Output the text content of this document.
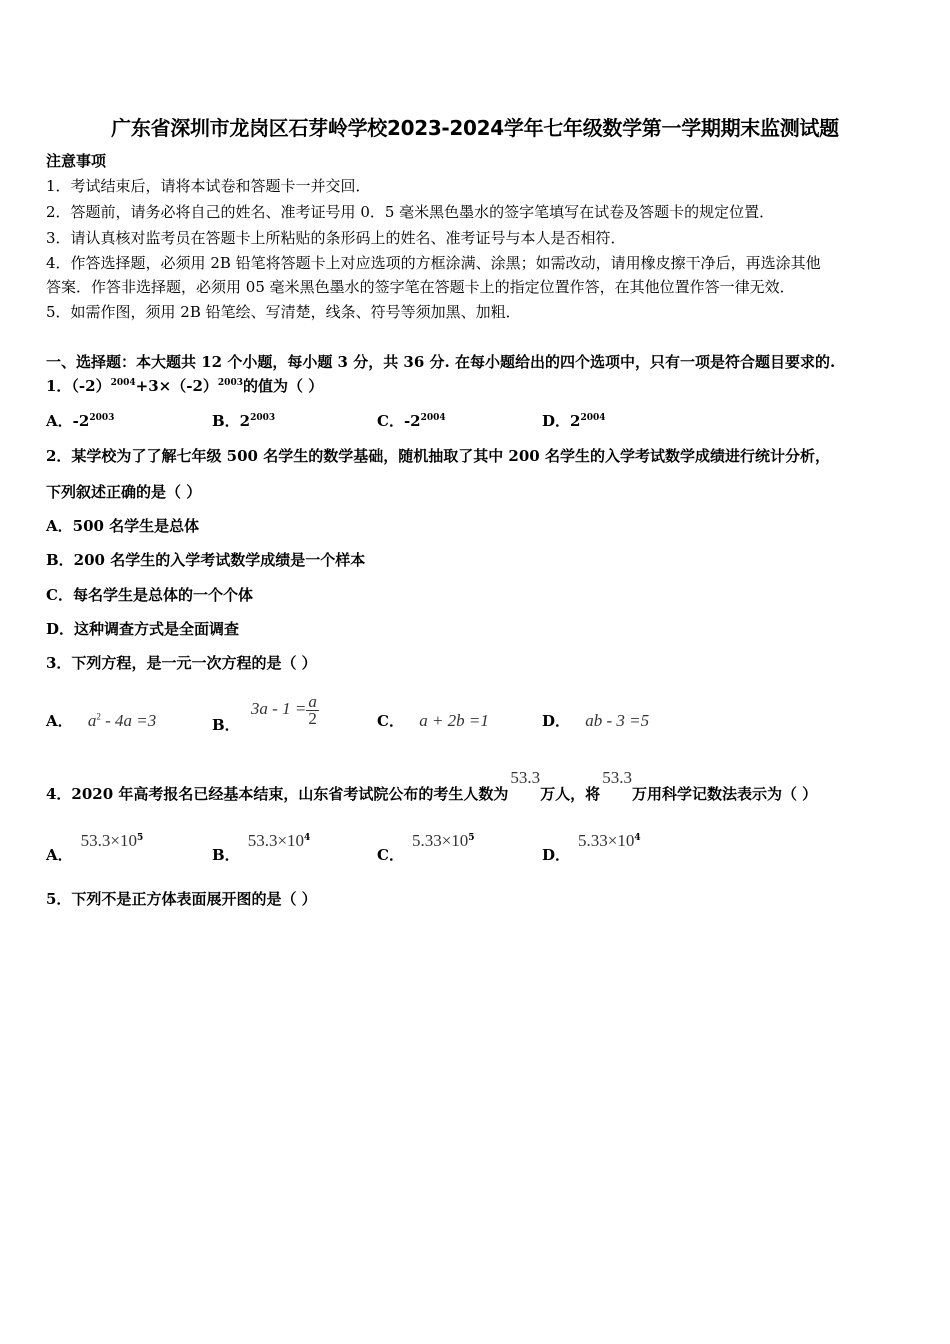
广东省深圳市龙岗区石芽岭学校2023-2024学年七年级数学第一学期期末监测试题
注意事项
1．考试结束后，请将本试卷和答题卡一并交回．
2．答题前，请务必将自己的姓名、准考证号用 0．5 毫米黑色墨水的签字笔填写在试卷及答题卡的规定位置．
3．请认真核对监考员在答题卡上所粘贴的条形码上的姓名、准考证号与本人是否相符．
4．作答选择题，必须用 2B 铅笔将答题卡上对应选项的方框涂满、涂黑；如需改动，请用橡皮擦干净后，再选涂其他
答案．作答非选择题，必须用 05 毫米黑色墨水的签字笔在答题卡上的指定位置作答，在其他位置作答一律无效．
5．如需作图，须用 2B 铅笔绘、写清楚，线条、符号等须加黑、加粗．
一、选择题：本大题共 12 个小题，每小题 3 分，共 36 分. 在每小题给出的四个选项中，只有一项是符合题目要求的.
1．$(-2)^{2004}+3\times(-2)^{2003}$的值为（ ）
A．$-2^{2003}$	B．$2^{2003}$	C．$-2^{2004}$	D．$2^{2004}$
2．某学校为了了解七年级 500 名学生的数学基础，随机抽取了其中 200 名学生的入学考试数学成绩进行统计分析，
下列叙述正确的是（ ）
A．500 名学生是总体
B．200 名学生的入学考试数学成绩是一个样本
C．每名学生是总体的一个个体
D．这种调查方式是全面调查
3．下列方程，是一元一次方程的是（ ）
A． $a^2 - 4a =3$	B． $3a - 1 = \frac{a}{2}$	C． a + 2b =1	D． ab - 3 =5
4．2020 年高考报名已经基本结束，山东省考试院公布的考生人数为53.3万人，将53.3万用科学记数法表示为（ ）
A．$53.3\times 10^5$
B．$53.3\times 10^4$
C．$5.33\times 10^5$
D．$5.33\times 10^4$
5．下列不是正方体表面展开图的是（ ）
